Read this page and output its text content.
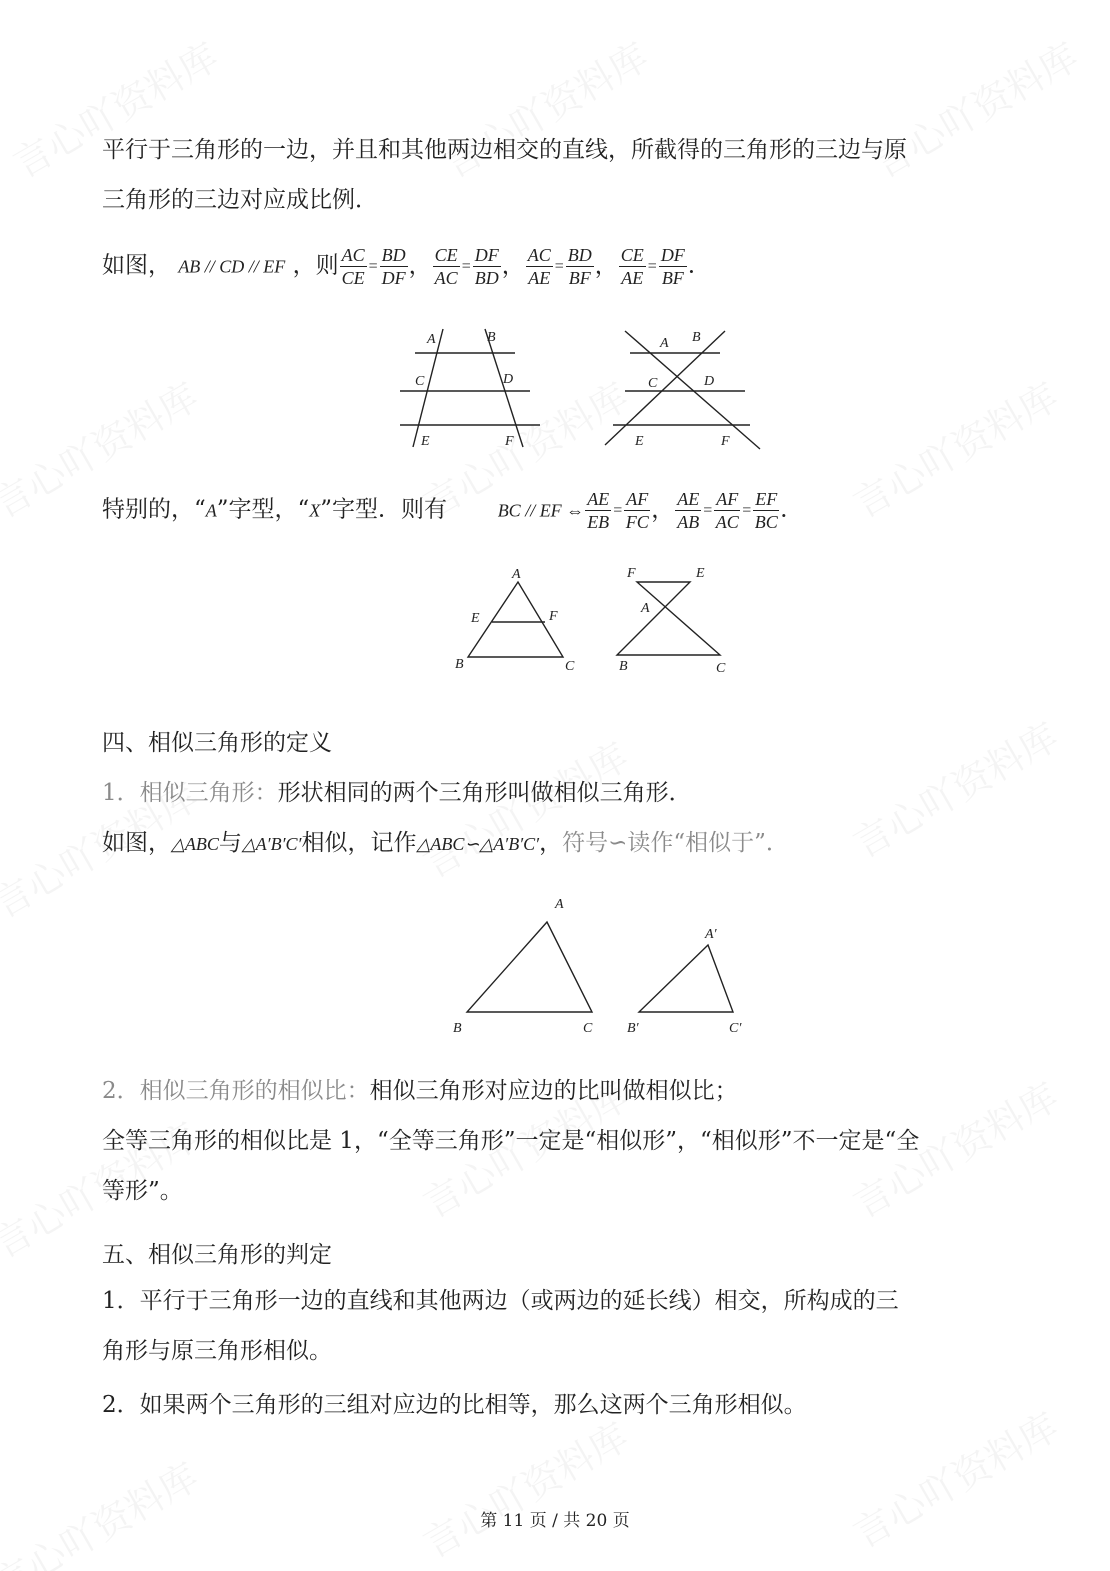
平行于三角形的一边，并且和其他两边相交的直线，所截得的三角形的三边与原
三角形的三边对应成比例．
如图， AB // CD // EF ，则 $\frac{AC}{CE} = \frac{BD}{DF}$ ， $\frac{CE}{AC} = \frac{DF}{BD}$ ， $\frac{AC}{AE} = \frac{BD}{BF}$ ， $\frac{CE}{AE} = \frac{DF}{BF}$ ．
A	B
C	D
E	F
A B
C	D
E	F
特别的，“A”字型，“X”字型．则有	BC // EF ⇔ $\frac{AE}{EB} = \frac{AF}{FC}$ ， $\frac{AE}{AB} = \frac{AF}{AC} = \frac{EF}{BC}$ ．
A
E	F
B	C
F	E
A
B	C
四、相似三角形的定义
1．相似三角形：形状相同的两个三角形叫做相似三角形．
如图，△ABC与△A′B′C′相似，记作△ABC∽△A′B′C′，符号∽读作“相似于”．
A
B	C
A′
B′	C′
2．相似三角形的相似比：相似三角形对应边的比叫做相似比；
全等三角形的相似比是 1，“全等三角形”一定是“相似形”，“相似形”不一定是“全
等形”。
五、相似三角形的判定
1．平行于三角形一边的直线和其他两边（或两边的延长线）相交，所构成的三
角形与原三角形相似。
2．如果两个三角形的三组对应边的比相等，那么这两个三角形相似。
第 11 页 / 共 20 页
